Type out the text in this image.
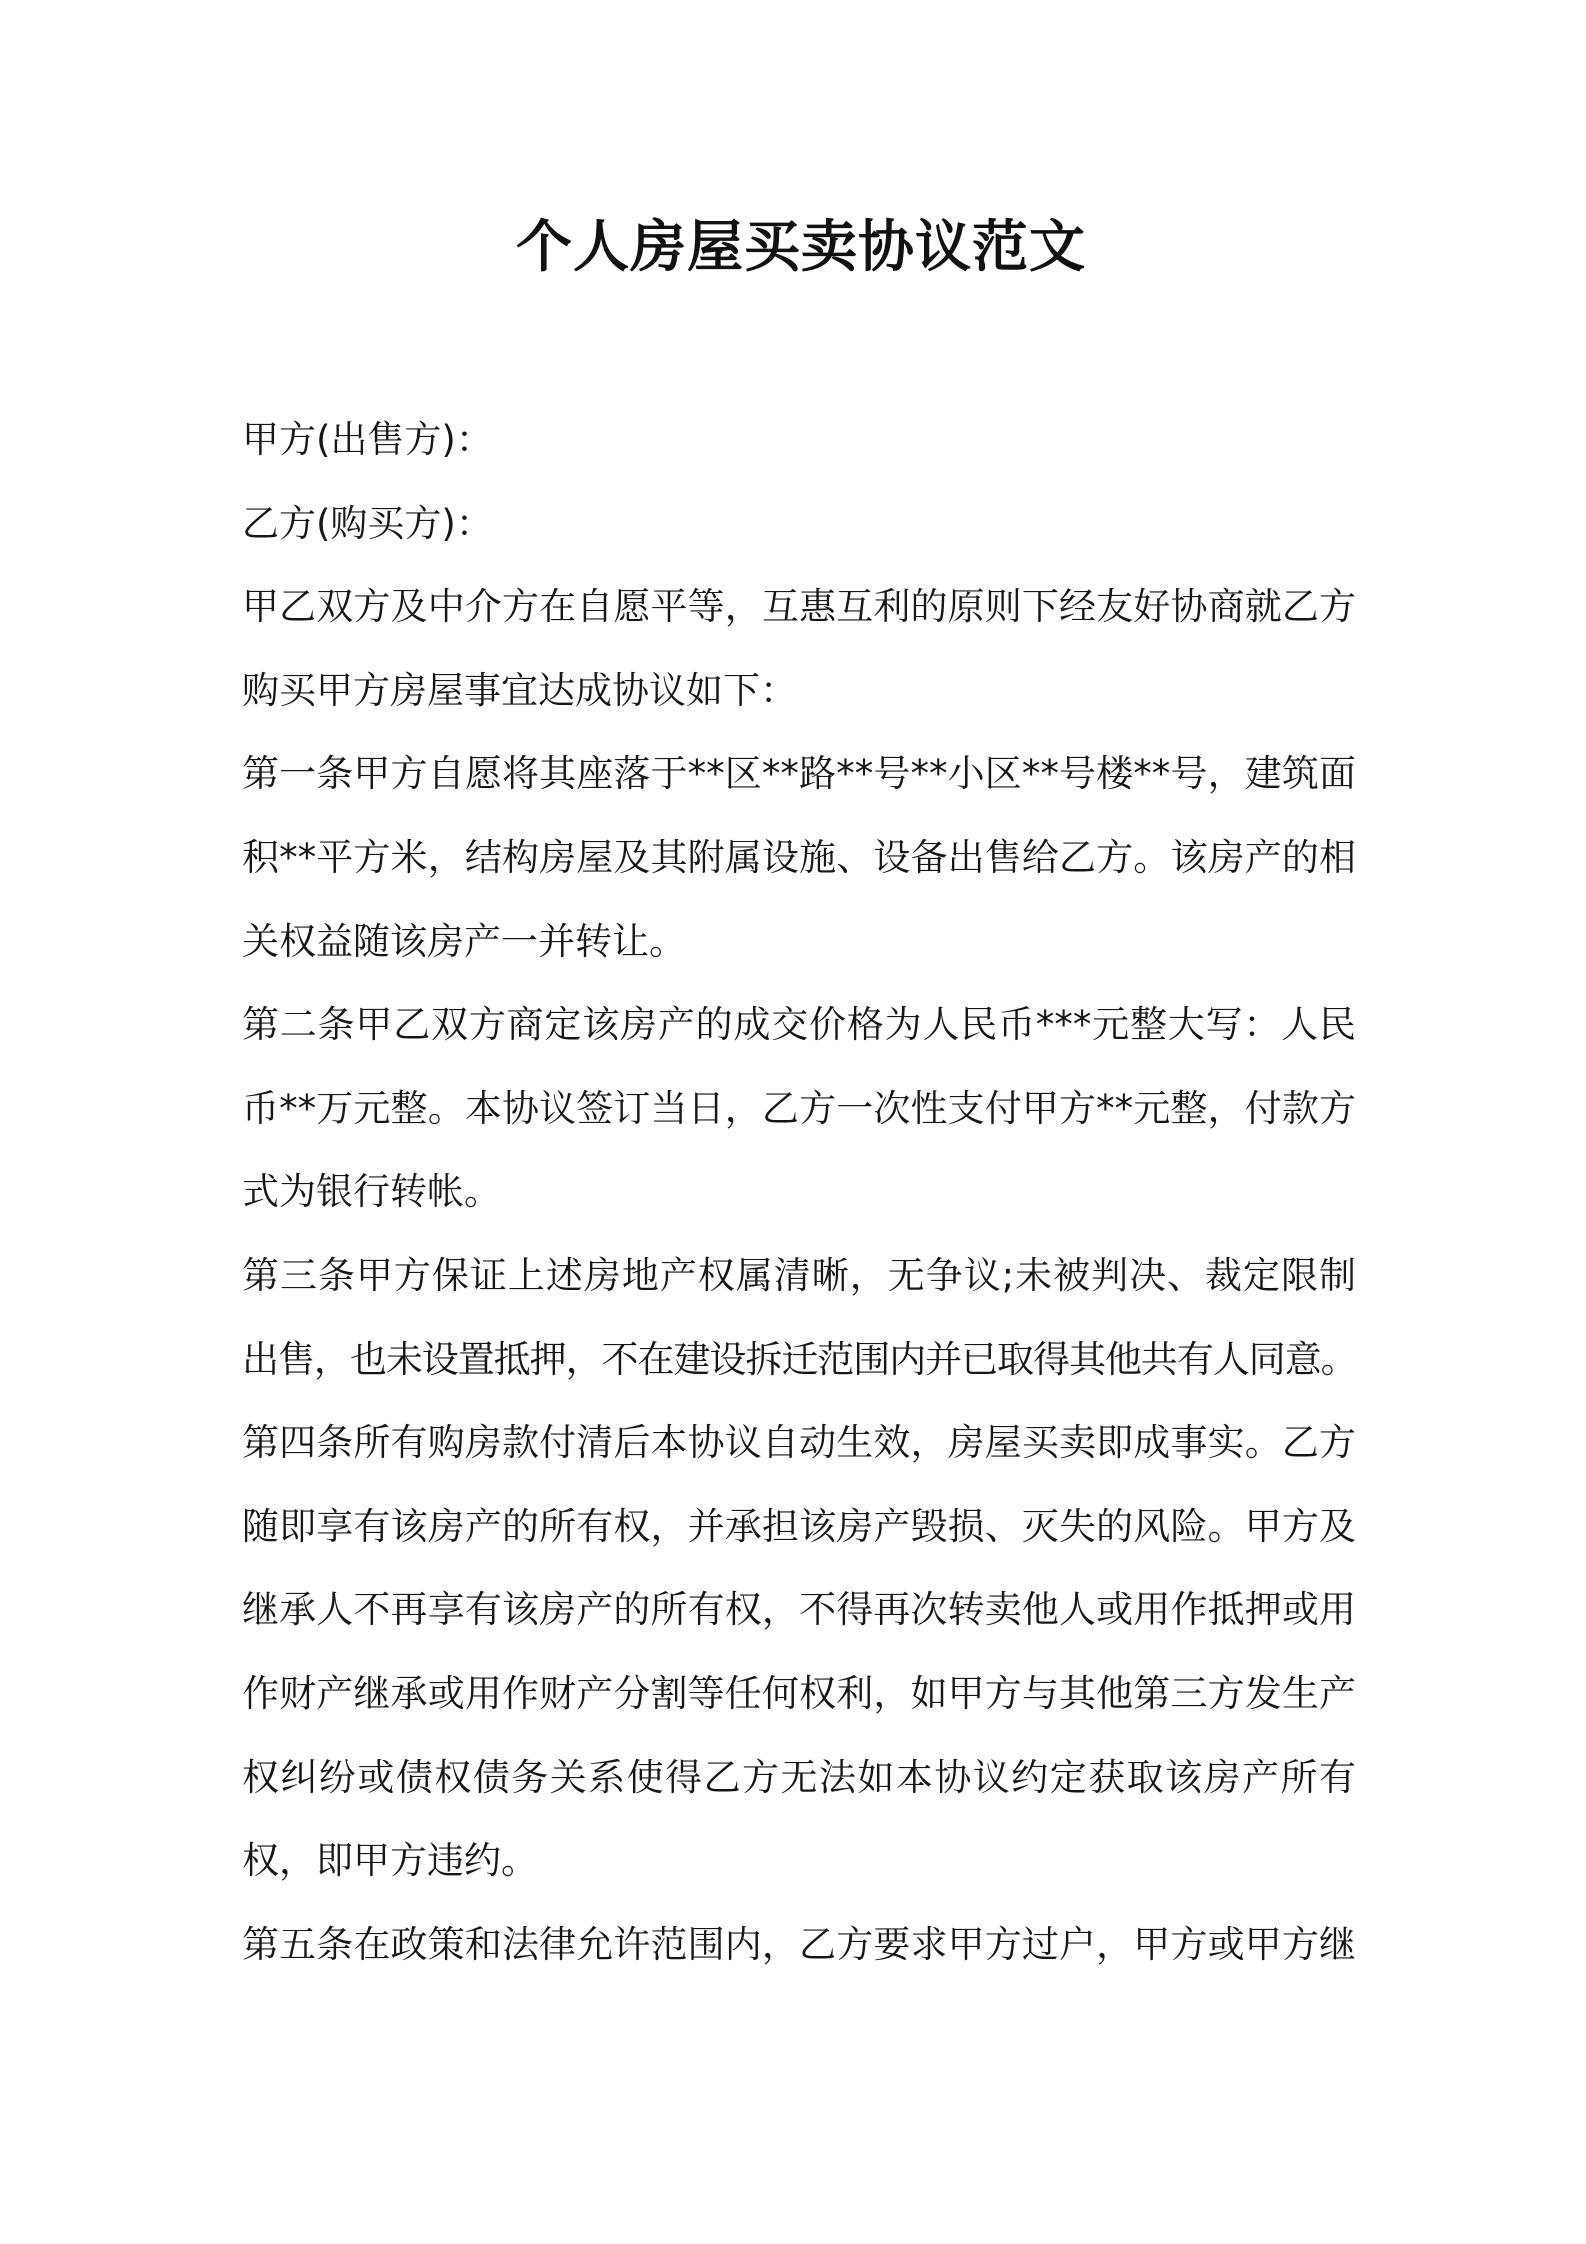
个人房屋买卖协议范文
甲方(出售方)：
乙方(购买方)：
甲乙双方及中介方在自愿平等，互惠互利的原则下经友好协商就乙方
购买甲方房屋事宜达成协议如下：
第一条甲方自愿将其座落于**区**路**号**小区**号楼**号，建筑面
积**平方米，结构房屋及其附属设施、设备出售给乙方。该房产的相
关权益随该房产一并转让。
第二条甲乙双方商定该房产的成交价格为人民币***元整大写：人民
币**万元整。本协议签订当日，乙方一次性支付甲方**元整，付款方
式为银行转帐。
第三条甲方保证上述房地产权属清晰，无争议;未被判决、裁定限制
出售，也未设置抵押，不在建设拆迁范围内并已取得其他共有人同意。
第四条所有购房款付清后本协议自动生效，房屋买卖即成事实。乙方
随即享有该房产的所有权，并承担该房产毁损、灭失的风险。甲方及
继承人不再享有该房产的所有权，不得再次转卖他人或用作抵押或用
作财产继承或用作财产分割等任何权利，如甲方与其他第三方发生产
权纠纷或债权债务关系使得乙方无法如本协议约定获取该房产所有
权，即甲方违约。
第五条在政策和法律允许范围内，乙方要求甲方过户，甲方或甲方继
